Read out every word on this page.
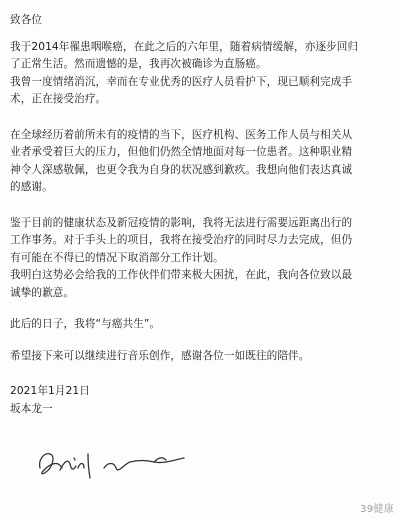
致各位

我于2014年罹患咽喉癌，在此之后的六年里，随着病情缓解，亦逐步回归

了正常生活。然而遗憾的是，我再次被确诊为直肠癌。

我曾一度情绪消沉，幸而在专业优秀的医疗人员看护下，现已顺利完成手

术，正在接受治疗。

在全球经历着前所未有的疫情的当下，医疗机构、医务工作人员与相关从

业者承受着巨大的压力，但他们仍然全情地面对每一位患者。这种职业精

神令人深感敬佩，也更令我为自身的状况感到歉疚。我想向他们表达真诚

的感谢。

鉴于目前的健康状态及新冠疫情的影响，我将无法进行需要远距离出行的

工作事务。对于手头上的项目，我将在接受治疗的同时尽力去完成，但仍

有可能在不得已的情况下取消部分工作计划。

我明白这势必会给我的工作伙伴们带来极大困扰，在此，我向各位致以最

诚挚的歉意。

此后的日子，我将“与癌共生”。

希望接下来可以继续进行音乐创作，感谢各位一如既往的陪伴。

2021年1月21日

坂本龙一

39健康
